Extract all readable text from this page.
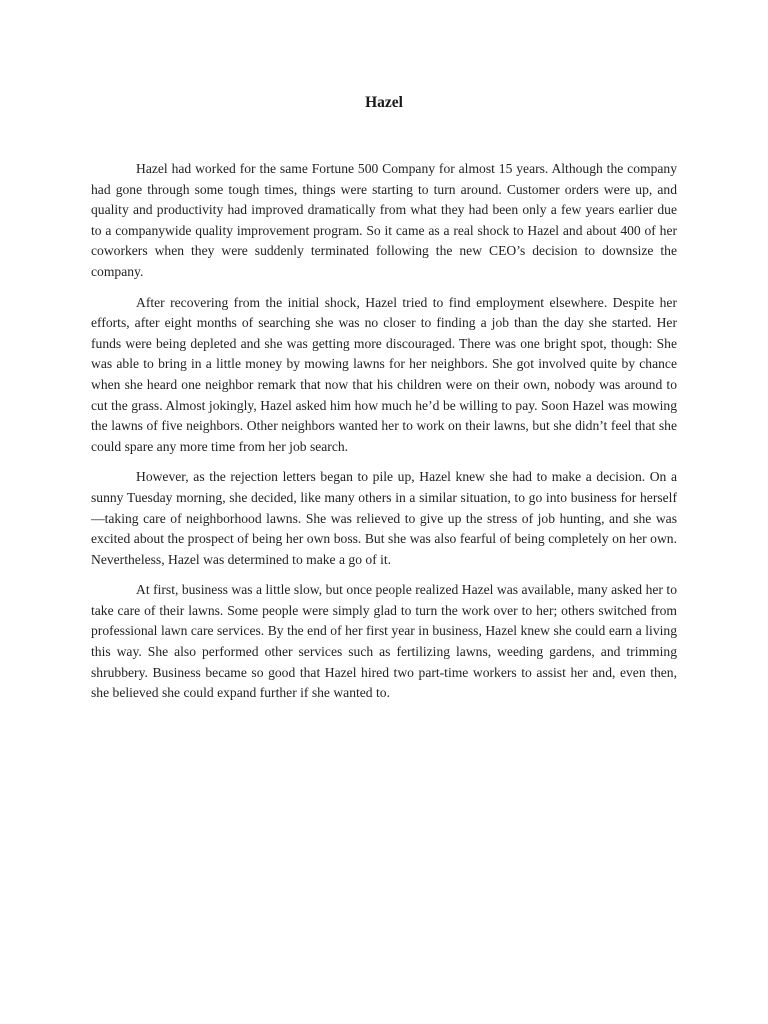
Hazel

Hazel had worked for the same Fortune 500 Company for almost 15 years. Although the company had gone through some tough times, things were starting to turn around. Customer orders were up, and quality and productivity had improved dramatically from what they had been only a few years earlier due to a companywide quality improvement program. So it came as a real shock to Hazel and about 400 of her coworkers when they were suddenly terminated following the new CEO’s decision to downsize the company.

After recovering from the initial shock, Hazel tried to find employment elsewhere. Despite her efforts, after eight months of searching she was no closer to finding a job than the day she started. Her funds were being depleted and she was getting more discouraged. There was one bright spot, though: She was able to bring in a little money by mowing lawns for her neighbors. She got involved quite by chance when she heard one neighbor remark that now that his children were on their own, nobody was around to cut the grass. Almost jokingly, Hazel asked him how much he’d be willing to pay. Soon Hazel was mowing the lawns of five neighbors. Other neighbors wanted her to work on their lawns, but she didn’t feel that she could spare any more time from her job search.

However, as the rejection letters began to pile up, Hazel knew she had to make a decision. On a sunny Tuesday morning, she decided, like many others in a similar situation, to go into business for herself—taking care of neighborhood lawns. She was relieved to give up the stress of job hunting, and she was excited about the prospect of being her own boss. But she was also fearful of being completely on her own. Nevertheless, Hazel was determined to make a go of it.

At first, business was a little slow, but once people realized Hazel was available, many asked her to take care of their lawns. Some people were simply glad to turn the work over to her; others switched from professional lawn care services. By the end of her first year in business, Hazel knew she could earn a living this way. She also performed other services such as fertilizing lawns, weeding gardens, and trimming shrubbery. Business became so good that Hazel hired two part-time workers to assist her and, even then, she believed she could expand further if she wanted to.
